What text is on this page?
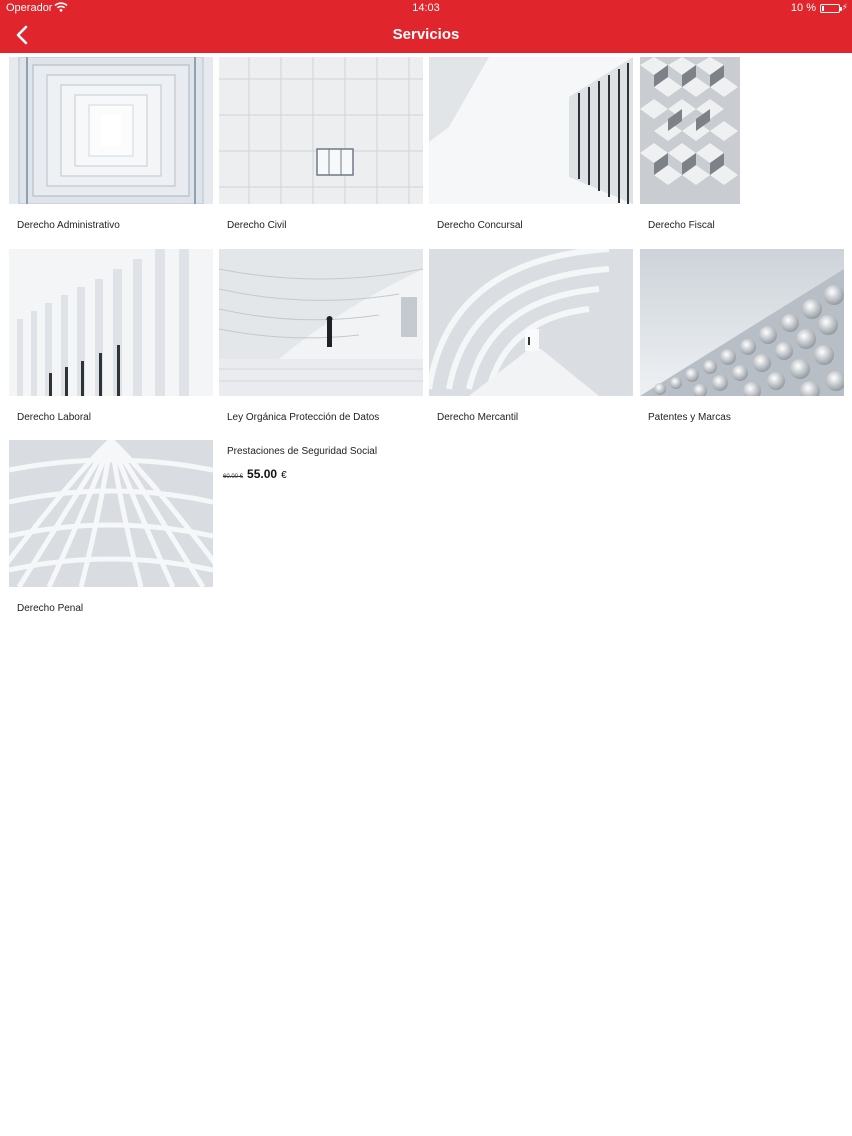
Operador	14:03	10 %	⚡
Servicios
Derecho Administrativo	Derecho Civil	Derecho Concursal	Derecho Fiscal
Derecho Laboral	Ley Orgánica Protección de Datos	Derecho Mercantil	Patentes y Marcas
Derecho Penal
Prestaciones de Seguridad Social
60.00 € 55.00 €
